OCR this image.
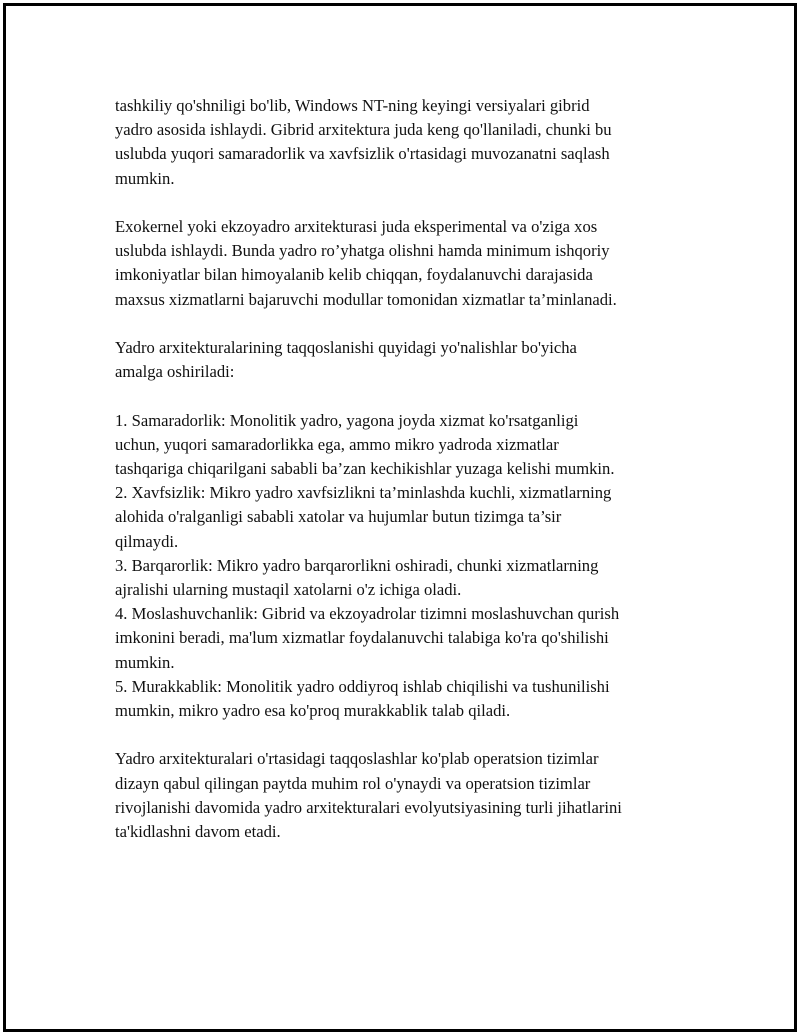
tashkiliy qo'shniligi bo'lib, Windows NT-ning keyingi versiyalari gibrid
yadro asosida ishlaydi. Gibrid arxitektura juda keng qo'llaniladi, chunki bu
uslubda yuqori samaradorlik va xavfsizlik o'rtasidagi muvozanatni saqlash
mumkin.

Exokernel yoki ekzoyadro arxitekturasi juda eksperimental va o'ziga xos
uslubda ishlaydi. Bunda yadro ro’yhatga olishni hamda minimum ishqoriy
imkoniyatlar bilan himoyalanib kelib chiqqan, foydalanuvchi darajasida
maxsus xizmatlarni bajaruvchi modullar tomonidan xizmatlar ta’minlanadi.

Yadro arxitekturalarining taqqoslanishi quyidagi yo'nalishlar bo'yicha
amalga oshiriladi:

1. Samaradorlik: Monolitik yadro, yagona joyda xizmat ko'rsatganligi
uchun, yuqori samaradorlikka ega, ammo mikro yadroda xizmatlar
tashqariga chiqarilgani sababli ba’zan kechikishlar yuzaga kelishi mumkin.
2. Xavfsizlik: Mikro yadro xavfsizlikni ta’minlashda kuchli, xizmatlarning
alohida o'ralganligi sababli xatolar va hujumlar butun tizimga ta’sir
qilmaydi.
3. Barqarorlik: Mikro yadro barqarorlikni oshiradi, chunki xizmatlarning
ajralishi ularning mustaqil xatolarni o'z ichiga oladi.
4. Moslashuvchanlik: Gibrid va ekzoyadrolar tizimni moslashuvchan qurish
imkonini beradi, ma'lum xizmatlar foydalanuvchi talabiga ko'ra qo'shilishi
mumkin.
5. Murakkablik: Monolitik yadro oddiyroq ishlab chiqilishi va tushunilishi
mumkin, mikro yadro esa ko'proq murakkablik talab qiladi.

Yadro arxitekturalari o'rtasidagi taqqoslashlar ko'plab operatsion tizimlar
dizayn qabul qilingan paytda muhim rol o'ynaydi va operatsion tizimlar
rivojlanishi davomida yadro arxitekturalari evolyutsiyasining turli jihatlarini
ta'kidlashni davom etadi.
